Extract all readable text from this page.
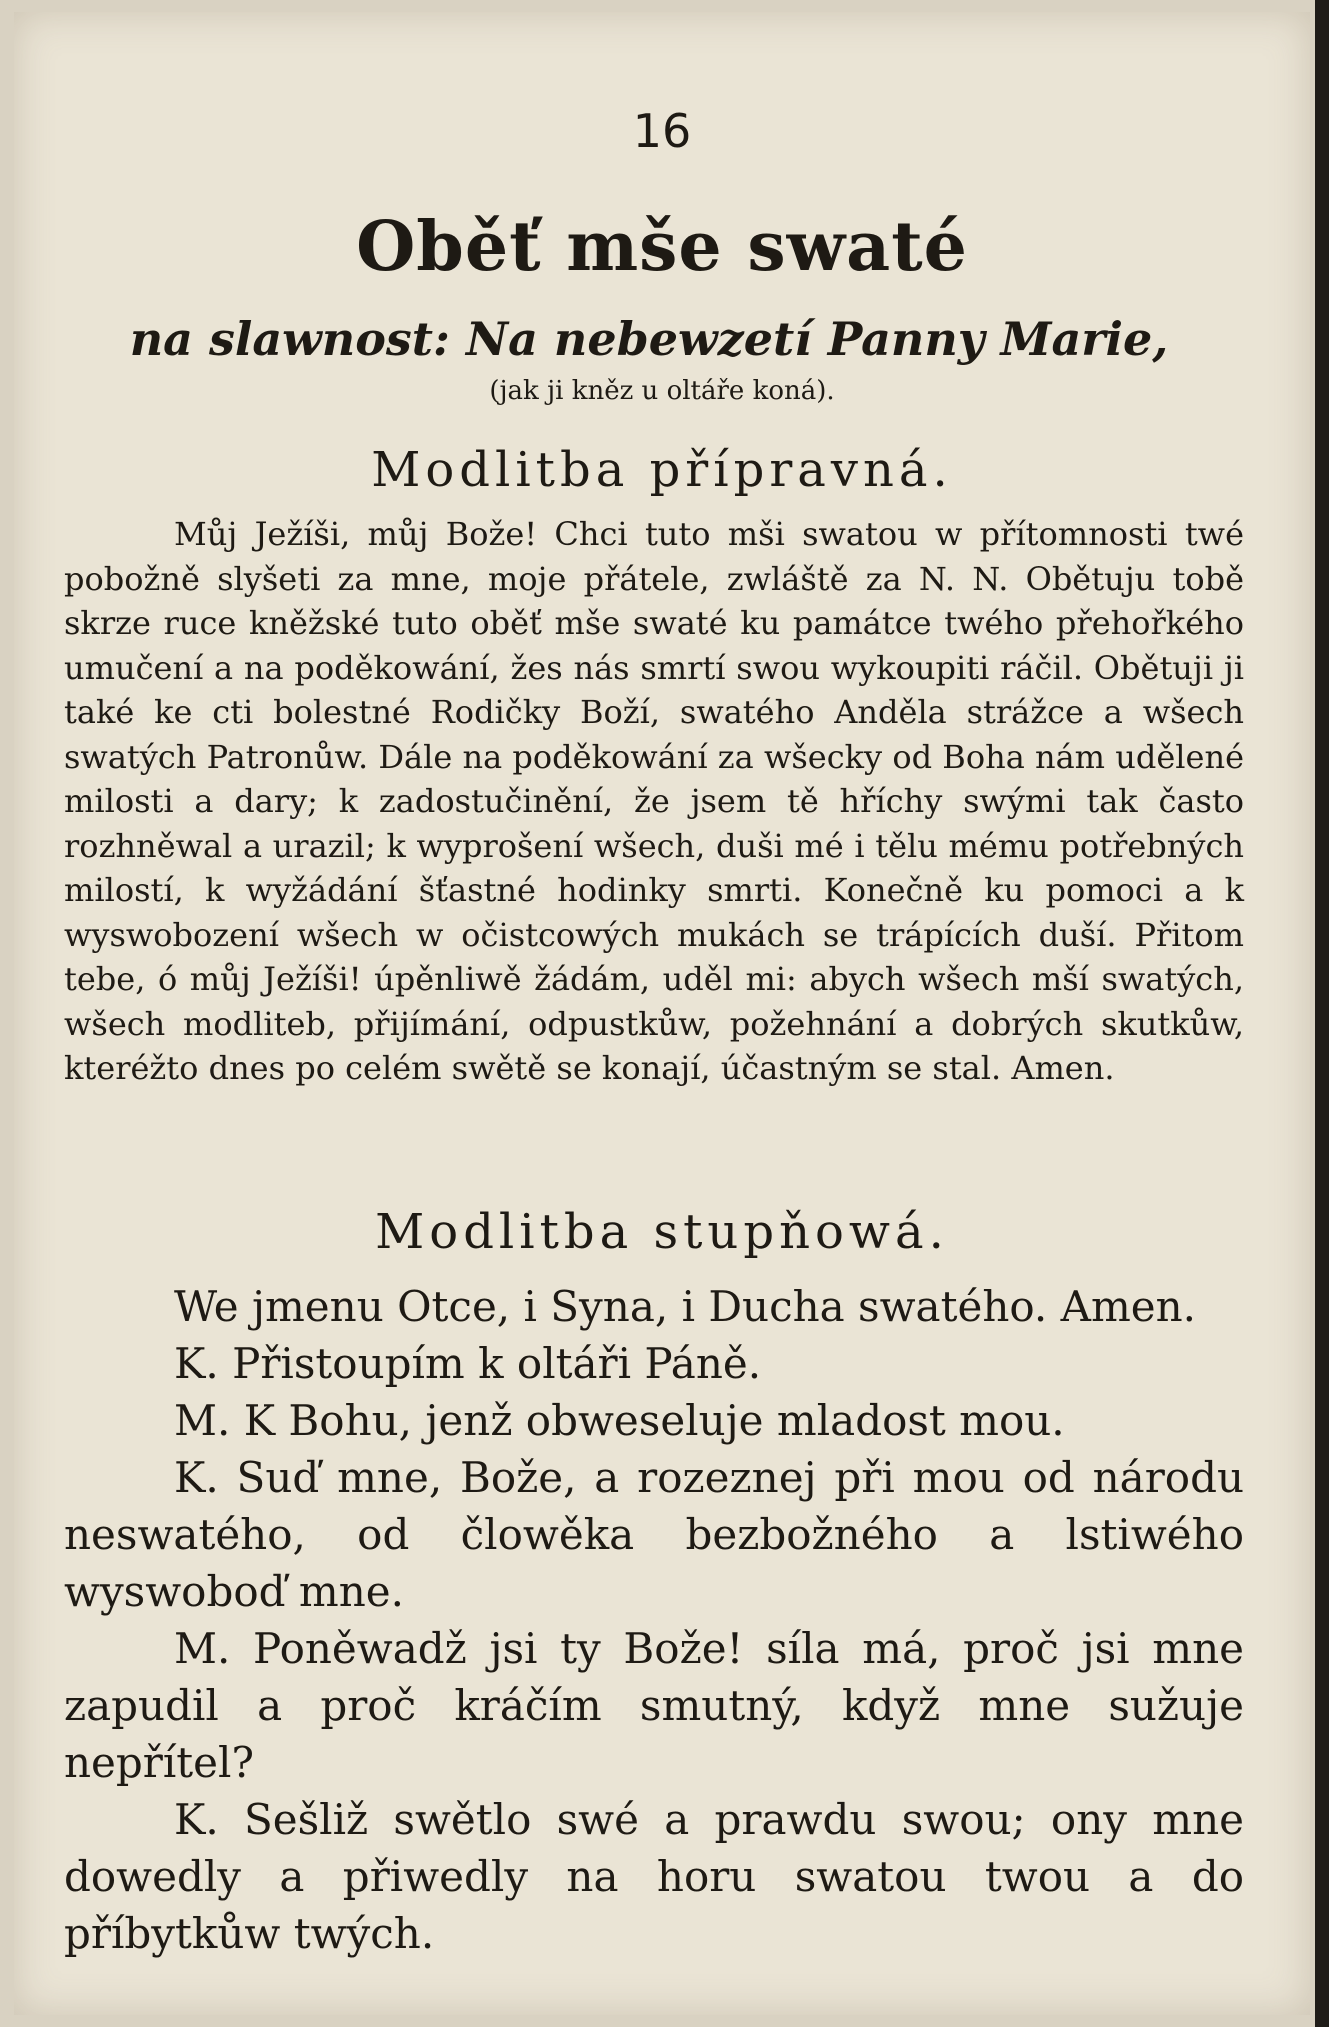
16
Oběť mše swaté
na slawnost: Na nebewzetí Panny Marie,
(jak ji kněz u oltáře koná).
Modlitba přípravná.
Můj Ježíši, můj Bože! Chci tuto mši swatou w přítomnosti twé pobožně slyšeti za mne, moje přátele, zwláště za N. N. Obětuju tobě skrze ruce kněžské tuto oběť mše swaté ku památce twého přehořkého umučení a na poděkowání, žes nás smrtí swou wykoupiti ráčil. Obětuji ji také ke cti bolestné Rodičky Boží, swatého Anděla strážce a wšech swatých Patronůw. Dále na poděkowání za wšecky od Boha nám udělené milosti a dary; k zadostučinění, že jsem tě hříchy swými tak často rozhněwal a urazil; k wyprošení wšech, duši mé i tělu mému potřebných milostí, k wyžádání šťastné hodinky smrti. Konečně ku pomoci a k wyswobození wšech w očistcowých mukách se trápících duší. Přitom tebe, ó můj Ježíši! úpěnliwě žádám, uděl mi: abych wšech mší swatých, wšech modliteb, přijímání, odpustkůw, požehnání a dobrých skutkůw, kteréžto dnes po celém swětě se konají, účastným se stal. Amen.
Modlitba stupňowá.

We jmenu Otce, i Syna, i Ducha swatého. Amen.

K. Přistoupím k oltáři Páně.

M. K Bohu, jenž obweseluje mladost mou.

K. Suď mne, Bože, a rozeznej při mou od národu neswatého, od člowěka bezbožného a lstiwého wyswoboď mne.

M. Poněwadž jsi ty Bože! síla má, proč jsi mne zapudil a proč kráčím smutný, když mne sužuje nepřítel?

K. Sešliž swětlo swé a prawdu swou; ony mne dowedly a přiwedly na horu swatou twou a do příbytkůw twých.
